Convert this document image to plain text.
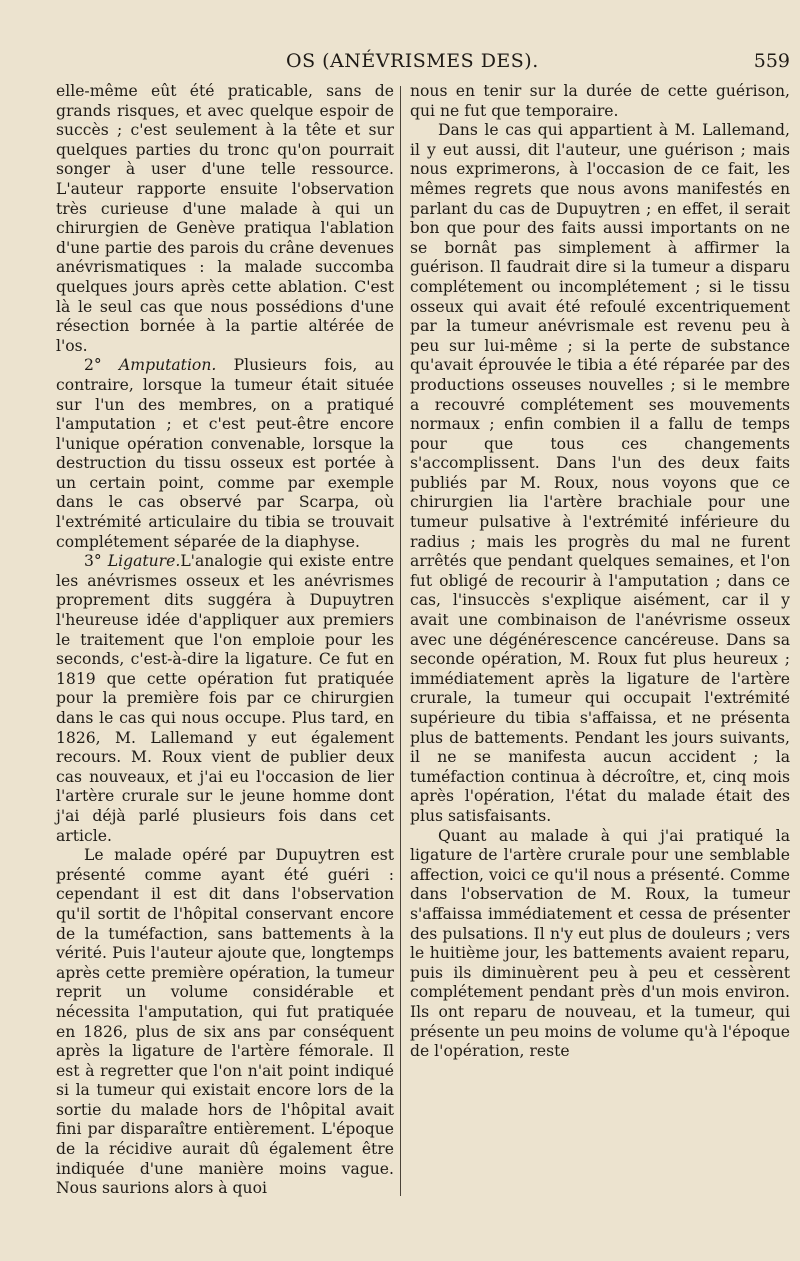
OS (ANÉVRISMES DES).	559

elle-même eût été praticable, sans de grands risques, et avec quelque espoir de succès ; c'est seulement à la tête et sur quelques parties du tronc qu'on pourrait songer à user d'une telle ressource. L'auteur rapporte ensuite l'observation très curieuse d'une malade à qui un chirurgien de Genève pratiqua l'ablation d'une partie des parois du crâne devenues anévrismatiques : la malade succomba quelques jours après cette ablation. C'est là le seul cas que nous possédions d'une résection bornée à la partie altérée de l'os.

2° Amputation. Plusieurs fois, au contraire, lorsque la tumeur était située sur l'un des membres, on a pratiqué l'amputation ; et c'est peut-être encore l'unique opération convenable, lorsque la destruction du tissu osseux est portée à un certain point, comme par exemple dans le cas observé par Scarpa, où l'extrémité articulaire du tibia se trouvait complétement séparée de la diaphyse.

3° Ligature.L'analogie qui existe entre les anévrismes osseux et les anévrismes proprement dits suggéra à Dupuytren l'heureuse idée d'appliquer aux premiers le traitement que l'on emploie pour les seconds, c'est-à-dire la ligature. Ce fut en 1819 que cette opération fut pratiquée pour la première fois par ce chirurgien dans le cas qui nous occupe. Plus tard, en 1826, M. Lallemand y eut également recours. M. Roux vient de publier deux cas nouveaux, et j'ai eu l'occasion de lier l'artère crurale sur le jeune homme dont j'ai déjà parlé plusieurs fois dans cet article.

Le malade opéré par Dupuytren est présenté comme ayant été guéri : cependant il est dit dans l'observation qu'il sortit de l'hôpital conservant encore de la tuméfaction, sans battements à la vérité. Puis l'auteur ajoute que, longtemps après cette première opération, la tumeur reprit un volume considérable et nécessita l'amputation, qui fut pratiquée en 1826, plus de six ans par conséquent après la ligature de l'artère fémorale. Il est à regretter que l'on n'ait point indiqué si la tumeur qui existait encore lors de la sortie du malade hors de l'hôpital avait fini par disparaître entièrement. L'époque de la récidive aurait dû également être indiquée d'une manière moins vague. Nous saurions alors à quoi

nous en tenir sur la durée de cette guérison, qui ne fut que temporaire.

Dans le cas qui appartient à M. Lallemand, il y eut aussi, dit l'auteur, une guérison ; mais nous exprimerons, à l'occasion de ce fait, les mêmes regrets que nous avons manifestés en parlant du cas de Dupuytren ; en effet, il serait bon que pour des faits aussi importants on ne se bornât pas simplement à affirmer la guérison. Il faudrait dire si la tumeur a disparu complétement ou incomplétement ; si le tissu osseux qui avait été refoulé excentriquement par la tumeur anévrismale est revenu peu à peu sur lui-même ; si la perte de substance qu'avait éprouvée le tibia a été réparée par des productions osseuses nouvelles ; si le membre a recouvré complétement ses mouvements normaux ; enfin combien il a fallu de temps pour que tous ces changements s'accomplissent. Dans l'un des deux faits publiés par M. Roux, nous voyons que ce chirurgien lia l'artère brachiale pour une tumeur pulsative à l'extrémité inférieure du radius ; mais les progrès du mal ne furent arrêtés que pendant quelques semaines, et l'on fut obligé de recourir à l'amputation ; dans ce cas, l'insuccès s'explique aisément, car il y avait une combinaison de l'anévrisme osseux avec une dégénérescence cancéreuse. Dans sa seconde opération, M. Roux fut plus heureux ; immédiatement après la ligature de l'artère crurale, la tumeur qui occupait l'extrémité supérieure du tibia s'affaissa, et ne présenta plus de battements. Pendant les jours suivants, il ne se manifesta aucun accident ; la tuméfaction continua à décroître, et, cinq mois après l'opération, l'état du malade était des plus satisfaisants.

Quant au malade à qui j'ai pratiqué la ligature de l'artère crurale pour une semblable affection, voici ce qu'il nous a présenté. Comme dans l'observation de M. Roux, la tumeur s'affaissa immédiatement et cessa de présenter des pulsations. Il n'y eut plus de douleurs ; vers le huitième jour, les battements avaient reparu, puis ils diminuèrent peu à peu et cessèrent complétement pendant près d'un mois environ. Ils ont reparu de nouveau, et la tumeur, qui présente un peu moins de volume qu'à l'époque de l'opération, reste
